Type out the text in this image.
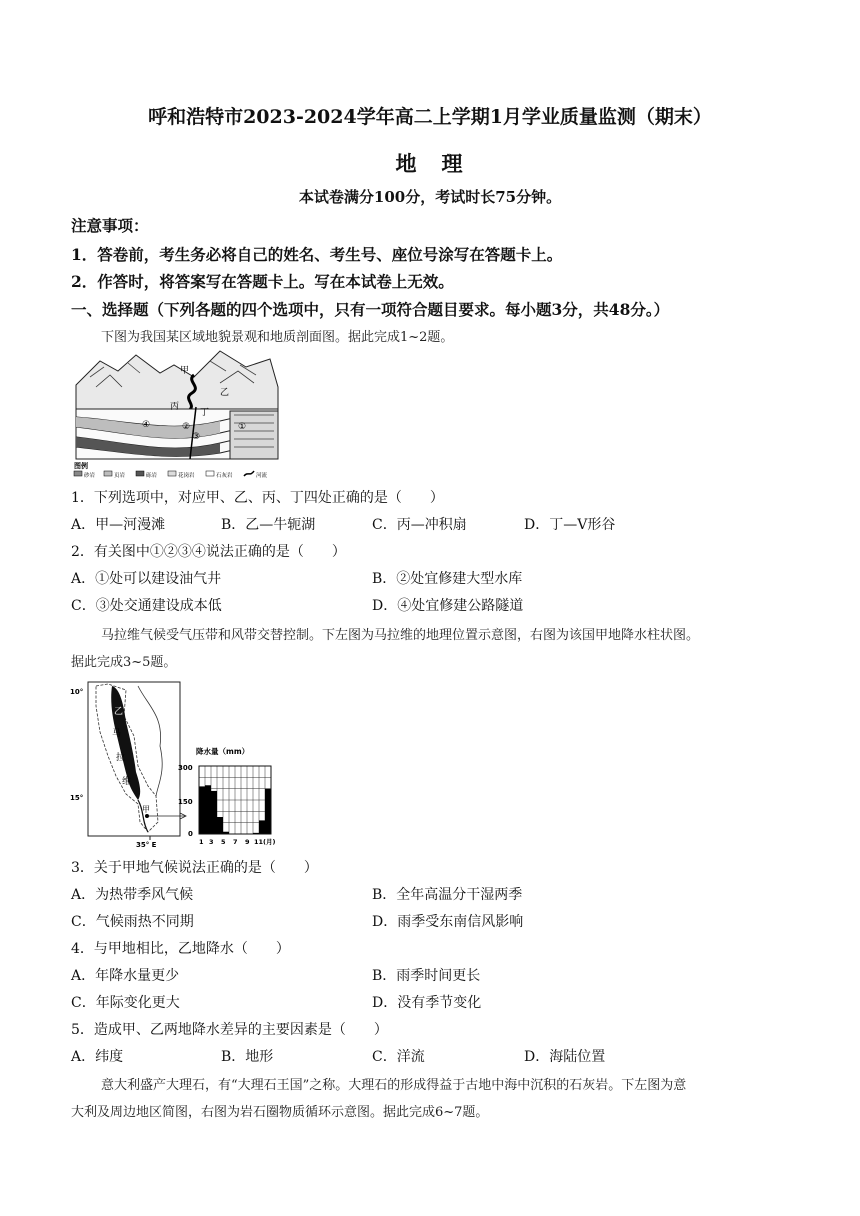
呼和浩特市2023-2024学年高二上学期1月学业质量监测（期末）
地　理
本试卷满分100分，考试时长75分钟。
注意事项：
1．答卷前，考生务必将自己的姓名、考生号、座位号涂写在答题卡上。
2．作答时，将答案写在答题卡上。写在本试卷上无效。
一、选择题（下列各题的四个选项中，只有一项符合题目要求。每小题3分，共48分。）
下图为我国某区域地貌景观和地质剖面图。据此完成1~2题。
甲
乙
丙
丁
①
②
③
④
图例
砂岩	页岩	砾岩	花岗岩	石灰岩	河流
1．下列选项中，对应甲、乙、丙、丁四处正确的是（　　）
A．甲—河漫滩	B．乙—牛轭湖	C．丙—冲积扇	D．丁—V形谷
2．有关图中①②③④说法正确的是（　　）
A．①处可以建设油气井	B．②处宜修建大型水库
C．③处交通建设成本低	D．④处宜修建公路隧道
马拉维气候受气压带和风带交替控制。下左图为马拉维的地理位置示意图，右图为该国甲地降水柱状图。
据此完成3~5题。
甲
乙
马
拉
维
10°
15°
35° E
降水量（mm）
300
150
0
1 3 5 7 9 11(月)
3．关于甲地气候说法正确的是（　　）
A．为热带季风气候	B．全年高温分干湿两季
C．气候雨热不同期	D．雨季受东南信风影响
4．与甲地相比，乙地降水（　　）
A．年降水量更少	B．雨季时间更长
C．年际变化更大	D．没有季节变化
5．造成甲、乙两地降水差异的主要因素是（　　）
A．纬度	B．地形	C．洋流	D．海陆位置
意大利盛产大理石，有“大理石王国”之称。大理石的形成得益于古地中海中沉积的石灰岩。下左图为意
大利及周边地区简图，右图为岩石圈物质循环示意图。据此完成6~7题。
